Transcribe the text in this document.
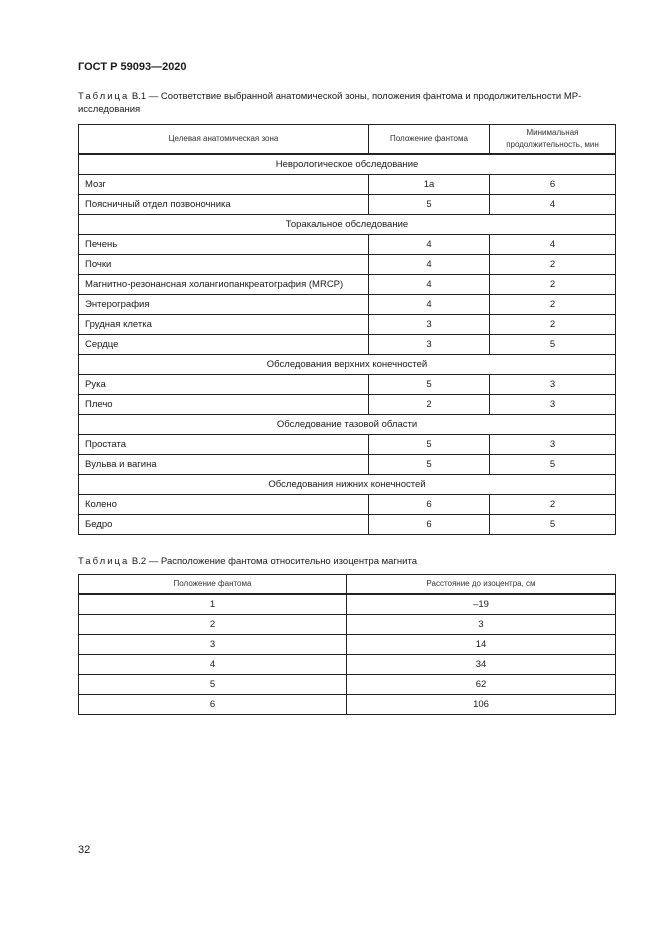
ГОСТ Р 59093—2020
Таблица В.1 — Соответствие выбранной анатомической зоны, положения фантома и продолжительности МР-исследования
Целевая анатомическая зона	Положение фантома	Минимальная продолжительность, мин
Неврологическое обследование		
Мозг	1а	6
Поясничный отдел позвоночника	5	4
Торакальное обследование		
Печень	4	4
Почки	4	2
Магнитно-резонансная холангиопанкреатография (MRCP)	4	2
Энтерография	4	2
Грудная клетка	3	2
Сердце	3	5
Обследования верхних конечностей		
Рука	5	3
Плечо	2	3
Обследование тазовой области		
Простата	5	3
Вульва и вагина	5	5
Обследования нижних конечностей		
Колено	6	2
Бедро	6	5
Таблица В.2 — Расположение фантома относительно изоцентра магнита
Положение фантома	Расстояние до изоцентра, см
1	–19
2	3
3	14
4	34
5	62
6	106
32
